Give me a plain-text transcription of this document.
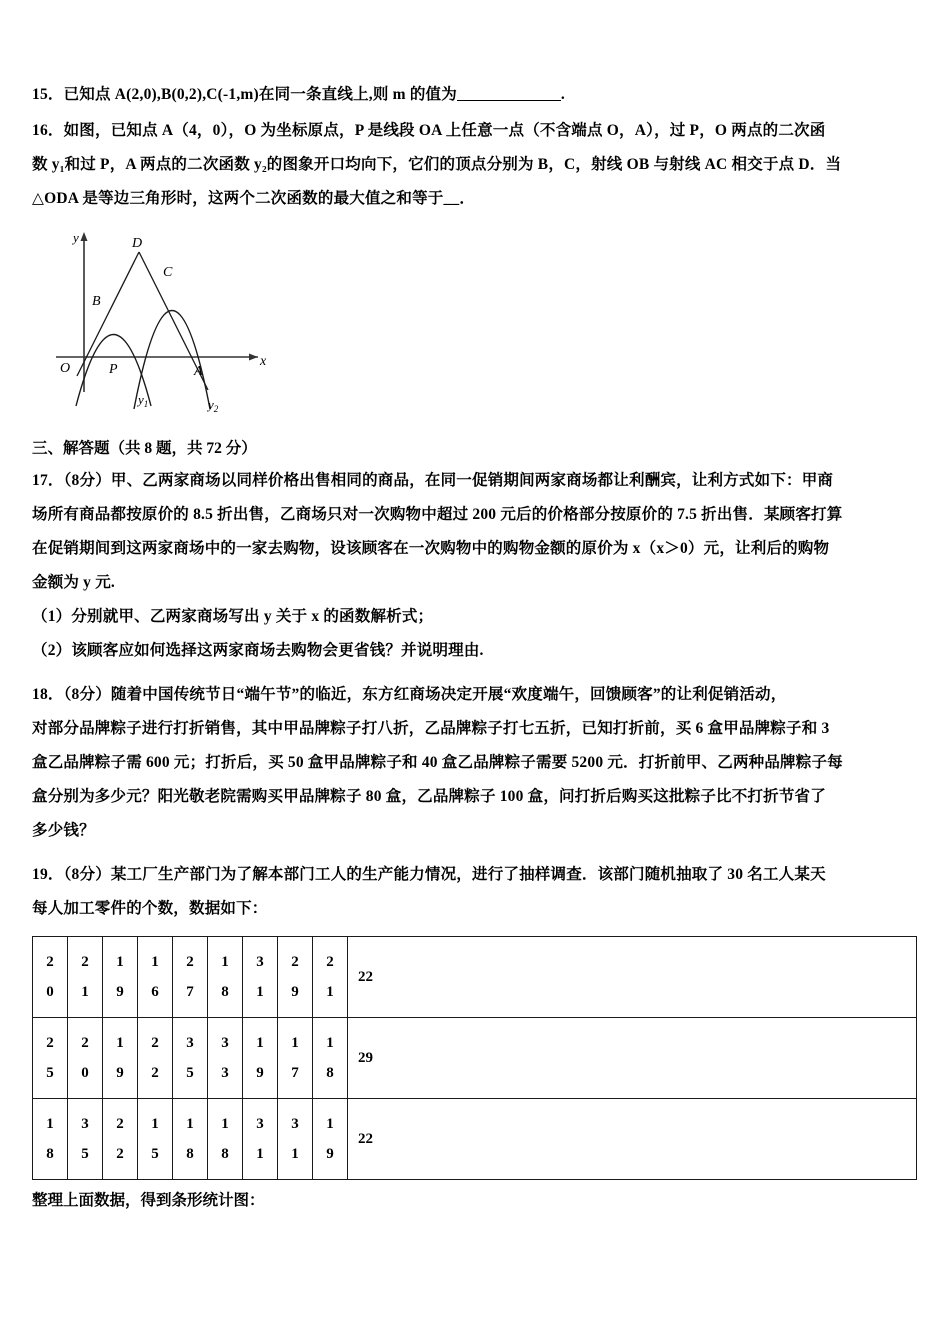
15．已知点 A(2,0),B(0,2),C(-1,m)在同一条直线上,则 m 的值为	.
16．如图，已知点 A（4，0），O 为坐标原点，P 是线段 OA 上任意一点（不含端点 O，A），过 P，O 两点的二次函
数 y₁和过 P，A 两点的二次函数 y₂的图象开口均向下，它们的顶点分别为 B，C，射线 OB 与射线 AC 相交于点 D．当
△ODA 是等边三角形时，这两个二次函数的最大值之和等于__．
O	P	A
B
C
D
y
x
$y_1$	$y_2$
三、解答题（共 8 题，共 72 分）
17．（8分）甲、乙两家商场以同样价格出售相同的商品，在同一促销期间两家商场都让利酬宾，让利方式如下：甲商
场所有商品都按原价的 8.5 折出售，乙商场只对一次购物中超过 200 元后的价格部分按原价的 7.5 折出售．某顾客打算
在促销期间到这两家商场中的一家去购物，设该顾客在一次购物中的购物金额的原价为 x（x＞0）元，让利后的购物
金额为 y 元.
（1）分别就甲、乙两家商场写出 y 关于 x 的函数解析式；
（2）该顾客应如何选择这两家商场去购物会更省钱？并说明理由.
18．（8分）随着中国传统节日“端午节”的临近，东方红商场决定开展“欢度端午，回馈顾客”的让利促销活动，
对部分品牌粽子进行打折销售，其中甲品牌粽子打八折，乙品牌粽子打七五折，已知打折前，买 6 盒甲品牌粽子和 3
盒乙品牌粽子需 600 元；打折后，买 50 盒甲品牌粽子和 40 盒乙品牌粽子需要 5200 元．打折前甲、乙两种品牌粽子每
盒分别为多少元？阳光敬老院需购买甲品牌粽子 80 盒，乙品牌粽子 100 盒，问打折后购买这批粽子比不打折节省了
多少钱？
19．（8分）某工厂生产部门为了解本部门工人的生产能力情况，进行了抽样调查．该部门随机抽取了 30 名工人某天
每人加工零件的个数，数据如下：
20	21	19	16	27	18	31	29	21	22
25	20	19	22	35	33	19	17	18	29
18	35	22	15	18	18	31	31	19	22
整理上面数据，得到条形统计图：
